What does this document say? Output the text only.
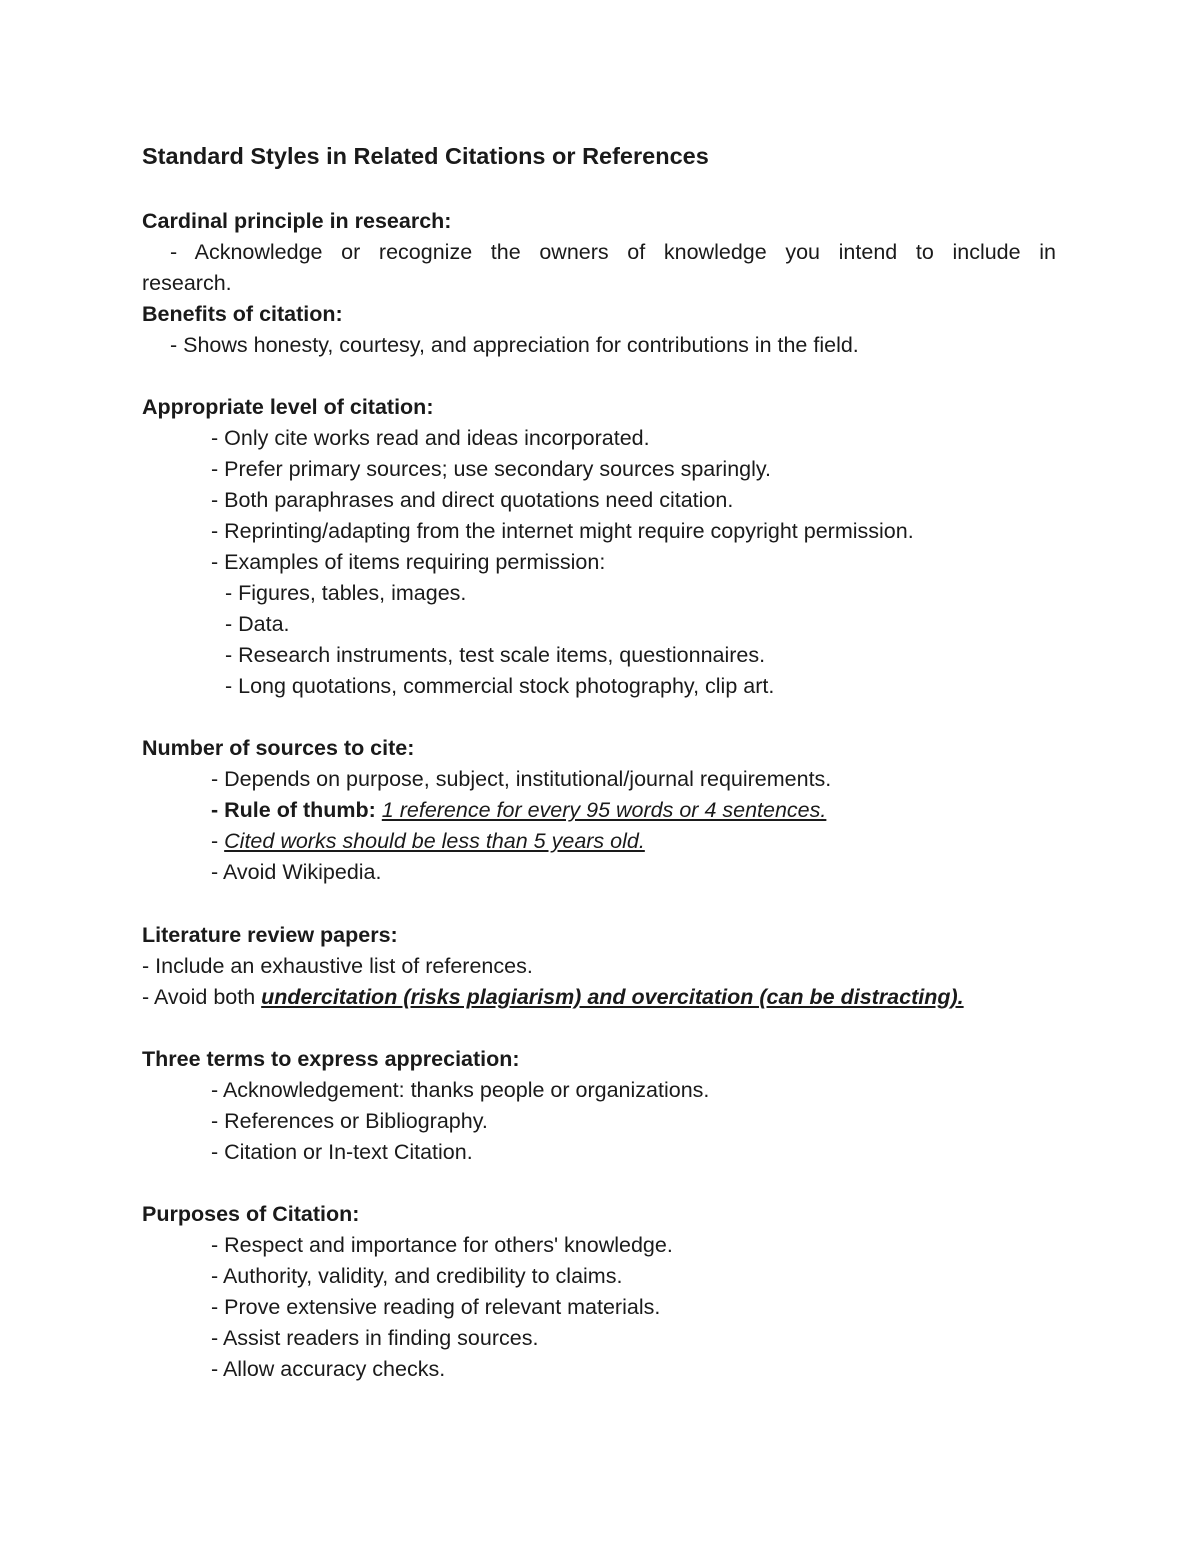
Standard Styles in Related Citations or References
Cardinal principle in research:
- Acknowledge or recognize the owners of knowledge you intend to include in
research.
Benefits of citation:
- Shows honesty, courtesy, and appreciation for contributions in the field.
Appropriate level of citation:
- Only cite works read and ideas incorporated.
- Prefer primary sources; use secondary sources sparingly.
- Both paraphrases and direct quotations need citation.
- Reprinting/adapting from the internet might require copyright permission.
- Examples of items requiring permission:
- Figures, tables, images.
- Data.
- Research instruments, test scale items, questionnaires.
- Long quotations, commercial stock photography, clip art.
Number of sources to cite:
- Depends on purpose, subject, institutional/journal requirements.
- Rule of thumb: 1 reference for every 95 words or 4 sentences.
- Cited works should be less than 5 years old.
- Avoid Wikipedia.
Literature review papers:
- Include an exhaustive list of references.
- Avoid both undercitation (risks plagiarism) and overcitation (can be distracting).
Three terms to express appreciation:
- Acknowledgement: thanks people or organizations.
- References or Bibliography.
- Citation or In-text Citation.
Purposes of Citation:
- Respect and importance for others' knowledge.
- Authority, validity, and credibility to claims.
- Prove extensive reading of relevant materials.
- Assist readers in finding sources.
- Allow accuracy checks.
